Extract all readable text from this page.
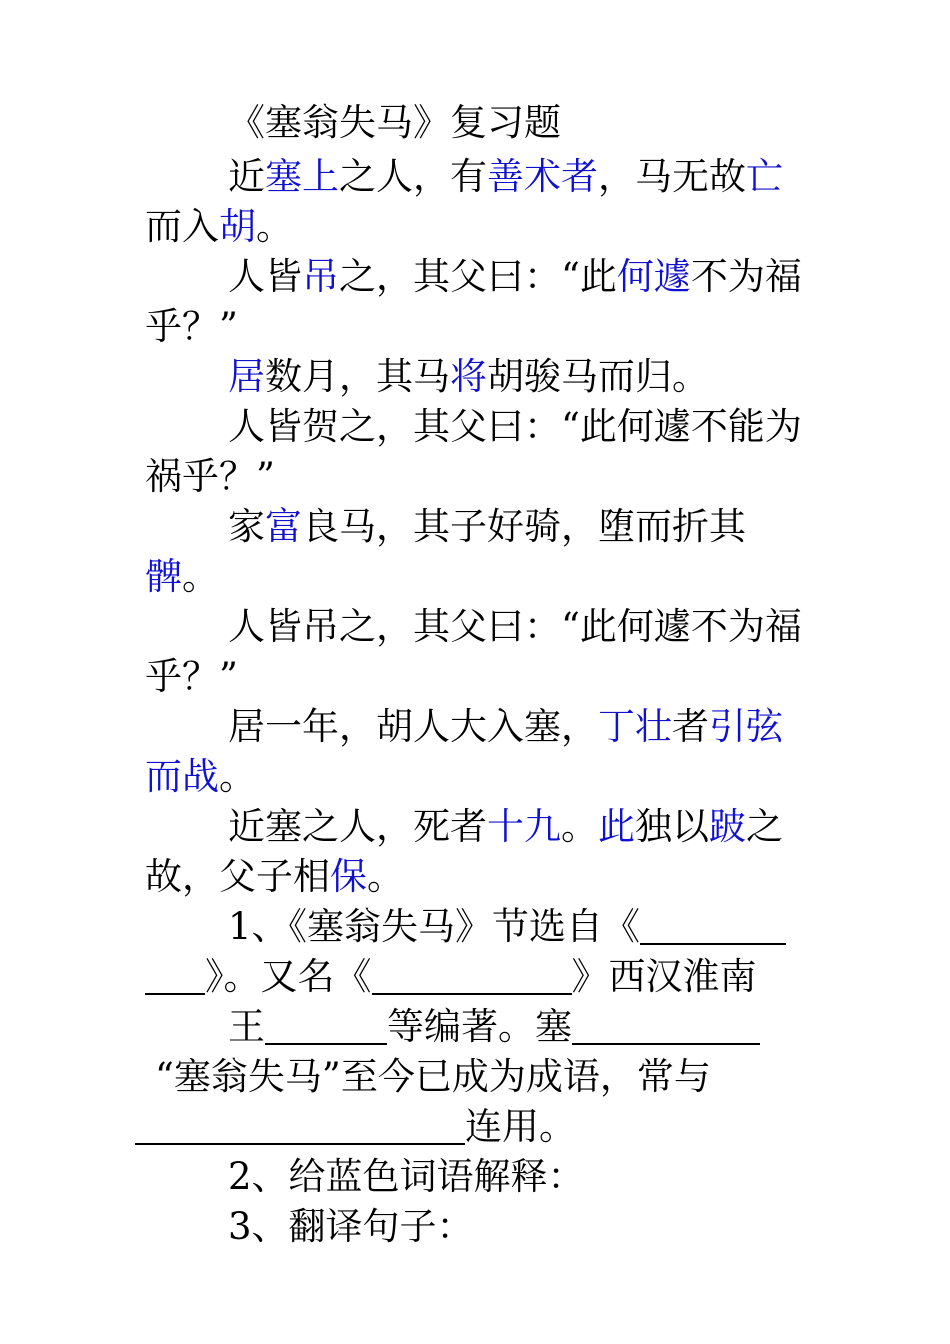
《塞翁失马》复习题

近塞上之人，有善术者，马无故亡而入胡。

人皆吊之，其父曰：“此何遽不为福乎？”

居数月，其马将胡骏马而归。

人皆贺之，其父曰：“此何遽不能为祸乎？”

家富良马，其子好骑，堕而折其髀。

人皆吊之，其父曰：“此何遽不为福乎？”

居一年，胡人大入塞，丁壮者引弦而战。

近塞之人，死者十九。此独以跛之故，父子相保。

1、《塞翁失马》节选自《》。又名《	》西汉淮南

王	等编著。塞

“塞翁失马”至今已成为成语，常与连用。

2、给蓝色词语解释：

3、翻译句子：
